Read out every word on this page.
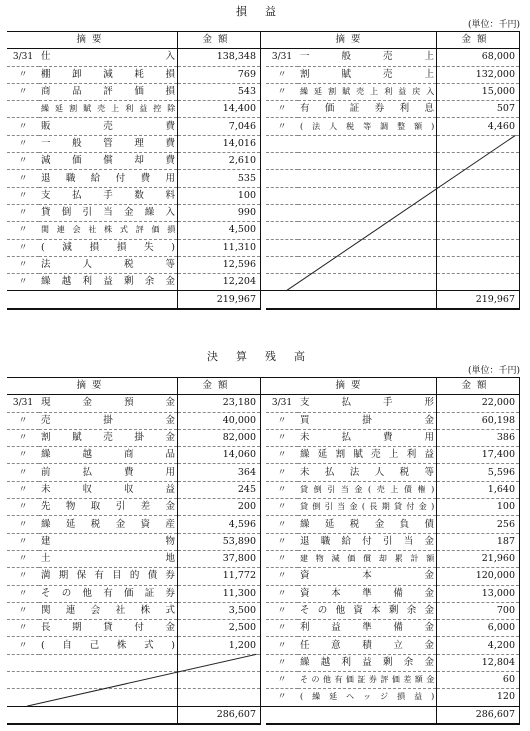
損益
(単位：千円)
摘要		金額		摘要		金額
3/31	仕入	138,348		3/31	一般売上	68,000
〃	棚卸減耗損	769		〃	割賦売上	132,000
〃	商品評価損	543		〃	繰延割賦売上利益戻入	15,000
	繰延割賦売上利益控除	14,400		〃	有価証券利息	507
〃	販売費	7,046		〃	(法人税等調整額)	4,460
〃	一般管理費	14,016				
〃	減価償却費	2,610				
〃	退職給付費用	535				
〃	支払手数料	100				
〃	貸倒引当金繰入	990				
〃	関連会社株式評価損	4,500				
〃	(減損損失)	11,310				
〃	法人税等	12,596				
〃	繰越利益剰余金	12,204				
		219,967				219,967
決算残高
(単位：千円)
摘要		金額		摘要		金額
3/31	現金預金	23,180		3/31	支払手形	22,000
〃	売掛金	40,000		〃	買掛金	60,198
〃	割賦売掛金	82,000		〃	未払費用	386
〃	繰越商品	14,060		〃	繰延割賦売上利益	17,400
〃	前払費用	364		〃	未払法人税等	5,596
〃	未収収益	245		〃	貸倒引当金(売上債権)	1,640
〃	先物取引差金	200		〃	貸倒引当金(長期貸付金)	100
〃	繰延税金資産	4,596		〃	繰延税金負債	256
〃	建物	53,890		〃	退職給付引当金	187
〃	土地	37,800		〃	建物減価償却累計額	21,960
〃	満期保有目的債券	11,772		〃	資本金	120,000
〃	その他有価証券	11,300		〃	資本準備金	13,000
〃	関連会社株式	3,500		〃	その他資本剰余金	700
〃	長期貸付金	2,500		〃	利益準備金	6,000
〃	(自己株式)	1,200		〃	任意積立金	4,200
				〃	繰越利益剰余金	12,804
				〃	その他有価証券評価差額金	60
				〃	(繰延ヘッジ損益)	120
		286,607				286,607
